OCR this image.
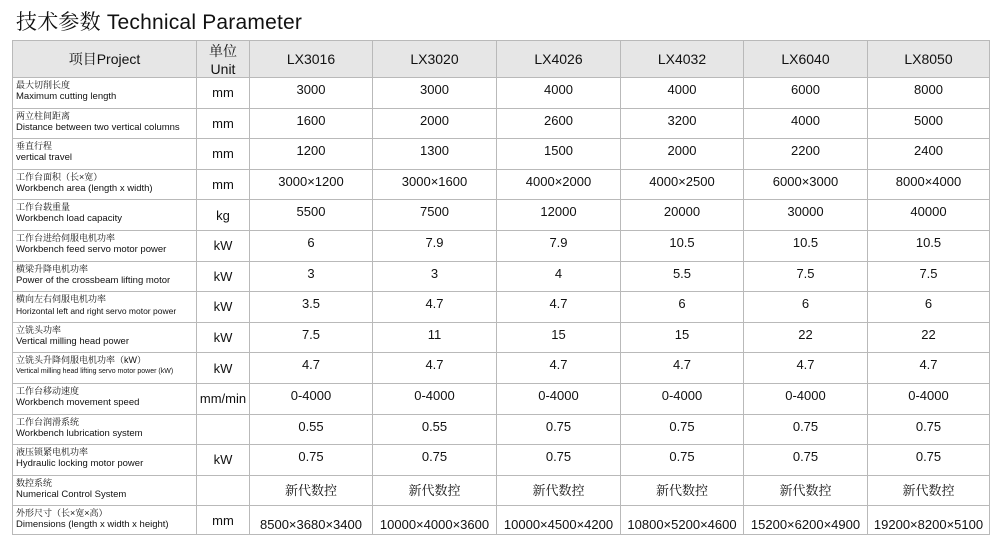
技术参数 Technical Parameter
项目Project	单位Unit	LX3016	LX3020	LX4026	LX4032	LX6040	LX8050

最大切削长度
Maximum cutting length	mm	3000	3000	4000	4000	6000	8000

两立柱间距离
Distance between two vertical columns	mm	1600	2000	2600	3200	4000	5000

垂直行程
vertical travel	mm	1200	1300	1500	2000	2200	2400

工作台面积（长×宽）
Workbench area (length x width)	mm	3000×1200	3000×1600	4000×2000	4000×2500	6000×3000	8000×4000

工作台载重量
Workbench load capacity	kg	5500	7500	12000	20000	30000	40000

工作台进给伺服电机功率
Workbench feed servo motor power	kW	6	7.9	7.9	10.5	10.5	10.5

横梁升降电机功率
Power of the crossbeam lifting motor	kW	3	3	4	5.5	7.5	7.5

横向左右伺服电机功率
Horizontal left and right servo motor power	kW	3.5	4.7	4.7	6	6	6

立铣头功率
Vertical milling head power	kW	7.5	11	15	15	22	22

立铣头升降伺服电机功率（kW）
Vertical milling head lifting servo motor power (kW)	kW	4.7	4.7	4.7	4.7	4.7	4.7

工作台移动速度
Workbench movement speed	mm/min	0-4000	0-4000	0-4000	0-4000	0-4000	0-4000

工作台润滑系统
Workbench lubrication system		0.55	0.55	0.75	0.75	0.75	0.75

液压锁紧电机功率
Hydraulic locking motor power	kW	0.75	0.75	0.75	0.75	0.75	0.75

数控系统
Numerical Control System		新代数控	新代数控	新代数控	新代数控	新代数控	新代数控

外形尺寸（长×宽×高）
Dimensions (length x width x height)	mm	8500×3680×3400	10000×4000×3600	10000×4500×4200	10800×5200×4600	15200×6200×4900	19200×8200×5100
